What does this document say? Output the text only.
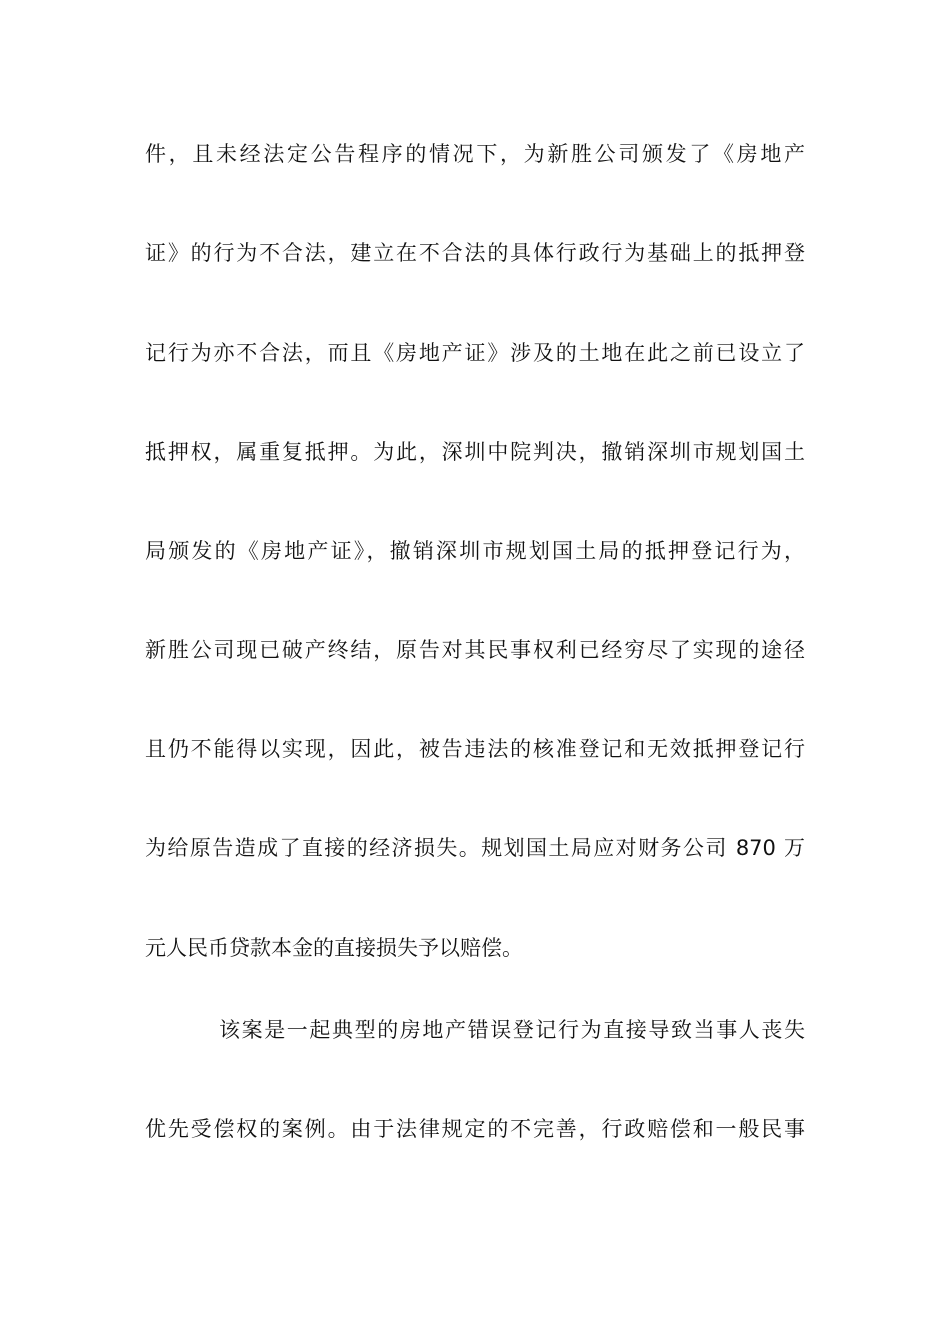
件，且未经法定公告程序的情况下，为新胜公司颁发了《房地产
证》的行为不合法，建立在不合法的具体行政行为基础上的抵押登
记行为亦不合法，而且《房地产证》涉及的土地在此之前已设立了
抵押权，属重复抵押。为此，深圳中院判决，撤销深圳市规划国土
局颁发的《房地产证》，撤销深圳市规划国土局的抵押登记行为，
新胜公司现已破产终结，原告对其民事权利已经穷尽了实现的途径
且仍不能得以实现，因此，被告违法的核准登记和无效抵押登记行
为给原告造成了直接的经济损失。规划国土局应对财务公司 870 万
元人民币贷款本金的直接损失予以赔偿。
该案是一起典型的房地产错误登记行为直接导致当事人丧失
优先受偿权的案例。由于法律规定的不完善，行政赔偿和一般民事
